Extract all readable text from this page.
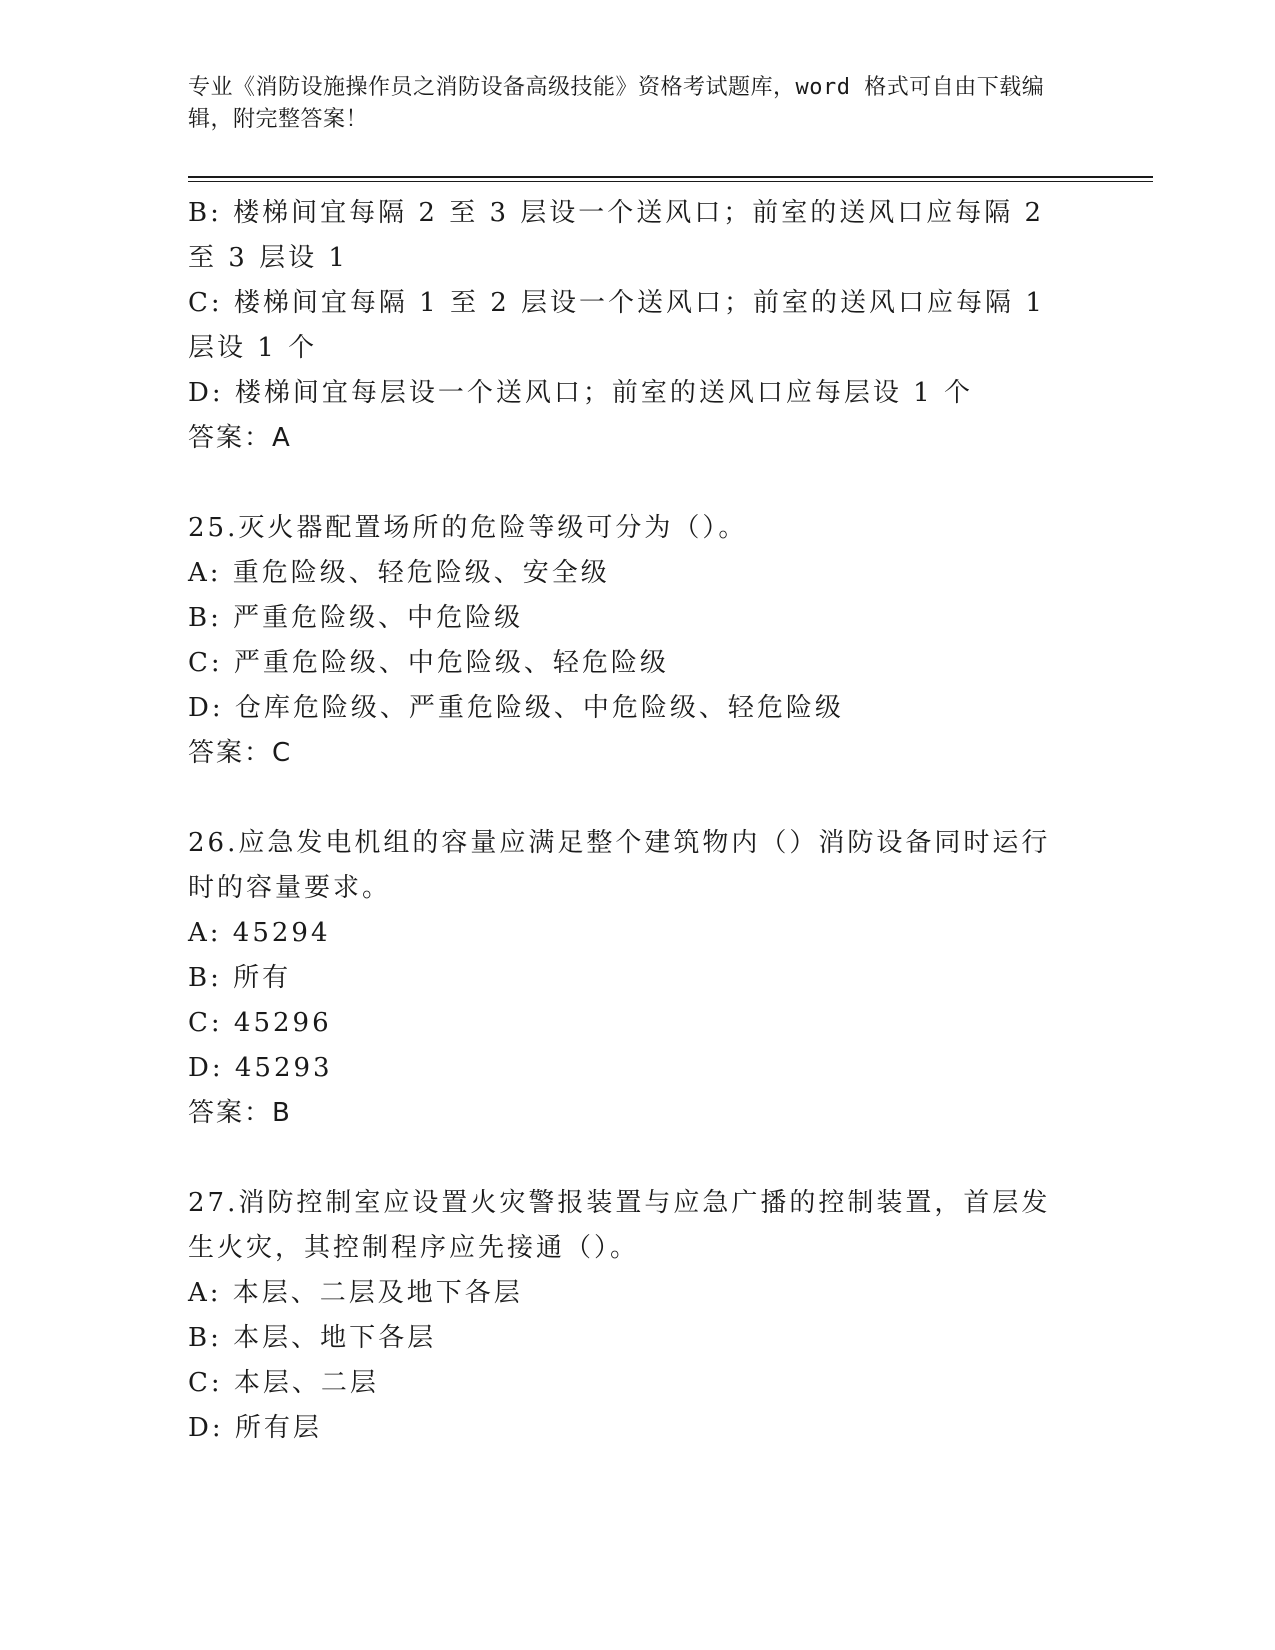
专业《消防设施操作员之消防设备高级技能》资格考试题库，word 格式可自由下载编辑，附完整答案！

B: 楼梯间宜每隔 2 至 3 层设一个送风口；前室的送风口应每隔 2 至 3 层设 1

C: 楼梯间宜每隔 1 至 2 层设一个送风口；前室的送风口应每隔 1 层设 1 个

D: 楼梯间宜每层设一个送风口；前室的送风口应每层设 1 个

答案：A

25.灭火器配置场所的危险等级可分为（）。

A: 重危险级、轻危险级、安全级

B: 严重危险级、中危险级

C: 严重危险级、中危险级、轻危险级

D: 仓库危险级、严重危险级、中危险级、轻危险级

答案：C

26.应急发电机组的容量应满足整个建筑物内（）消防设备同时运行时的容量要求。

A: 45294

B: 所有

C: 45296

D: 45293

答案：B

27.消防控制室应设置火灾警报装置与应急广播的控制装置，首层发生火灾，其控制程序应先接通（）。

A: 本层、二层及地下各层

B: 本层、地下各层

C: 本层、二层

D: 所有层
